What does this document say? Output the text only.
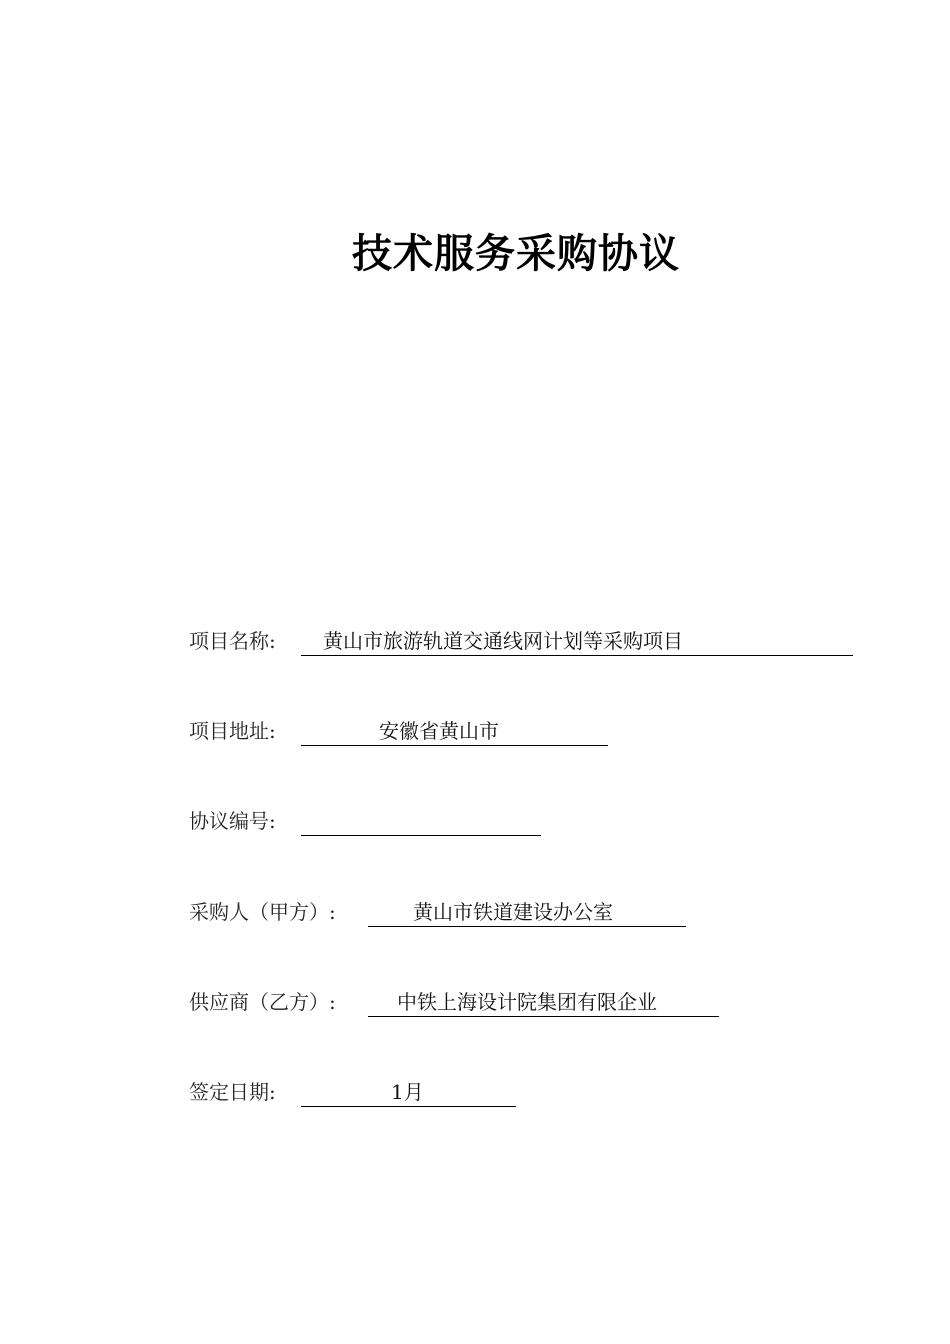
技术服务采购协议
项目名称: 黄山市旅游轨道交通线网计划等采购项目
项目地址:	安徽省黄山市
协议编号:
采购人（甲方）:	黄山市铁道建设办公室
供应商（乙方）:	中铁上海设计院集团有限企业
签定日期:	1月
